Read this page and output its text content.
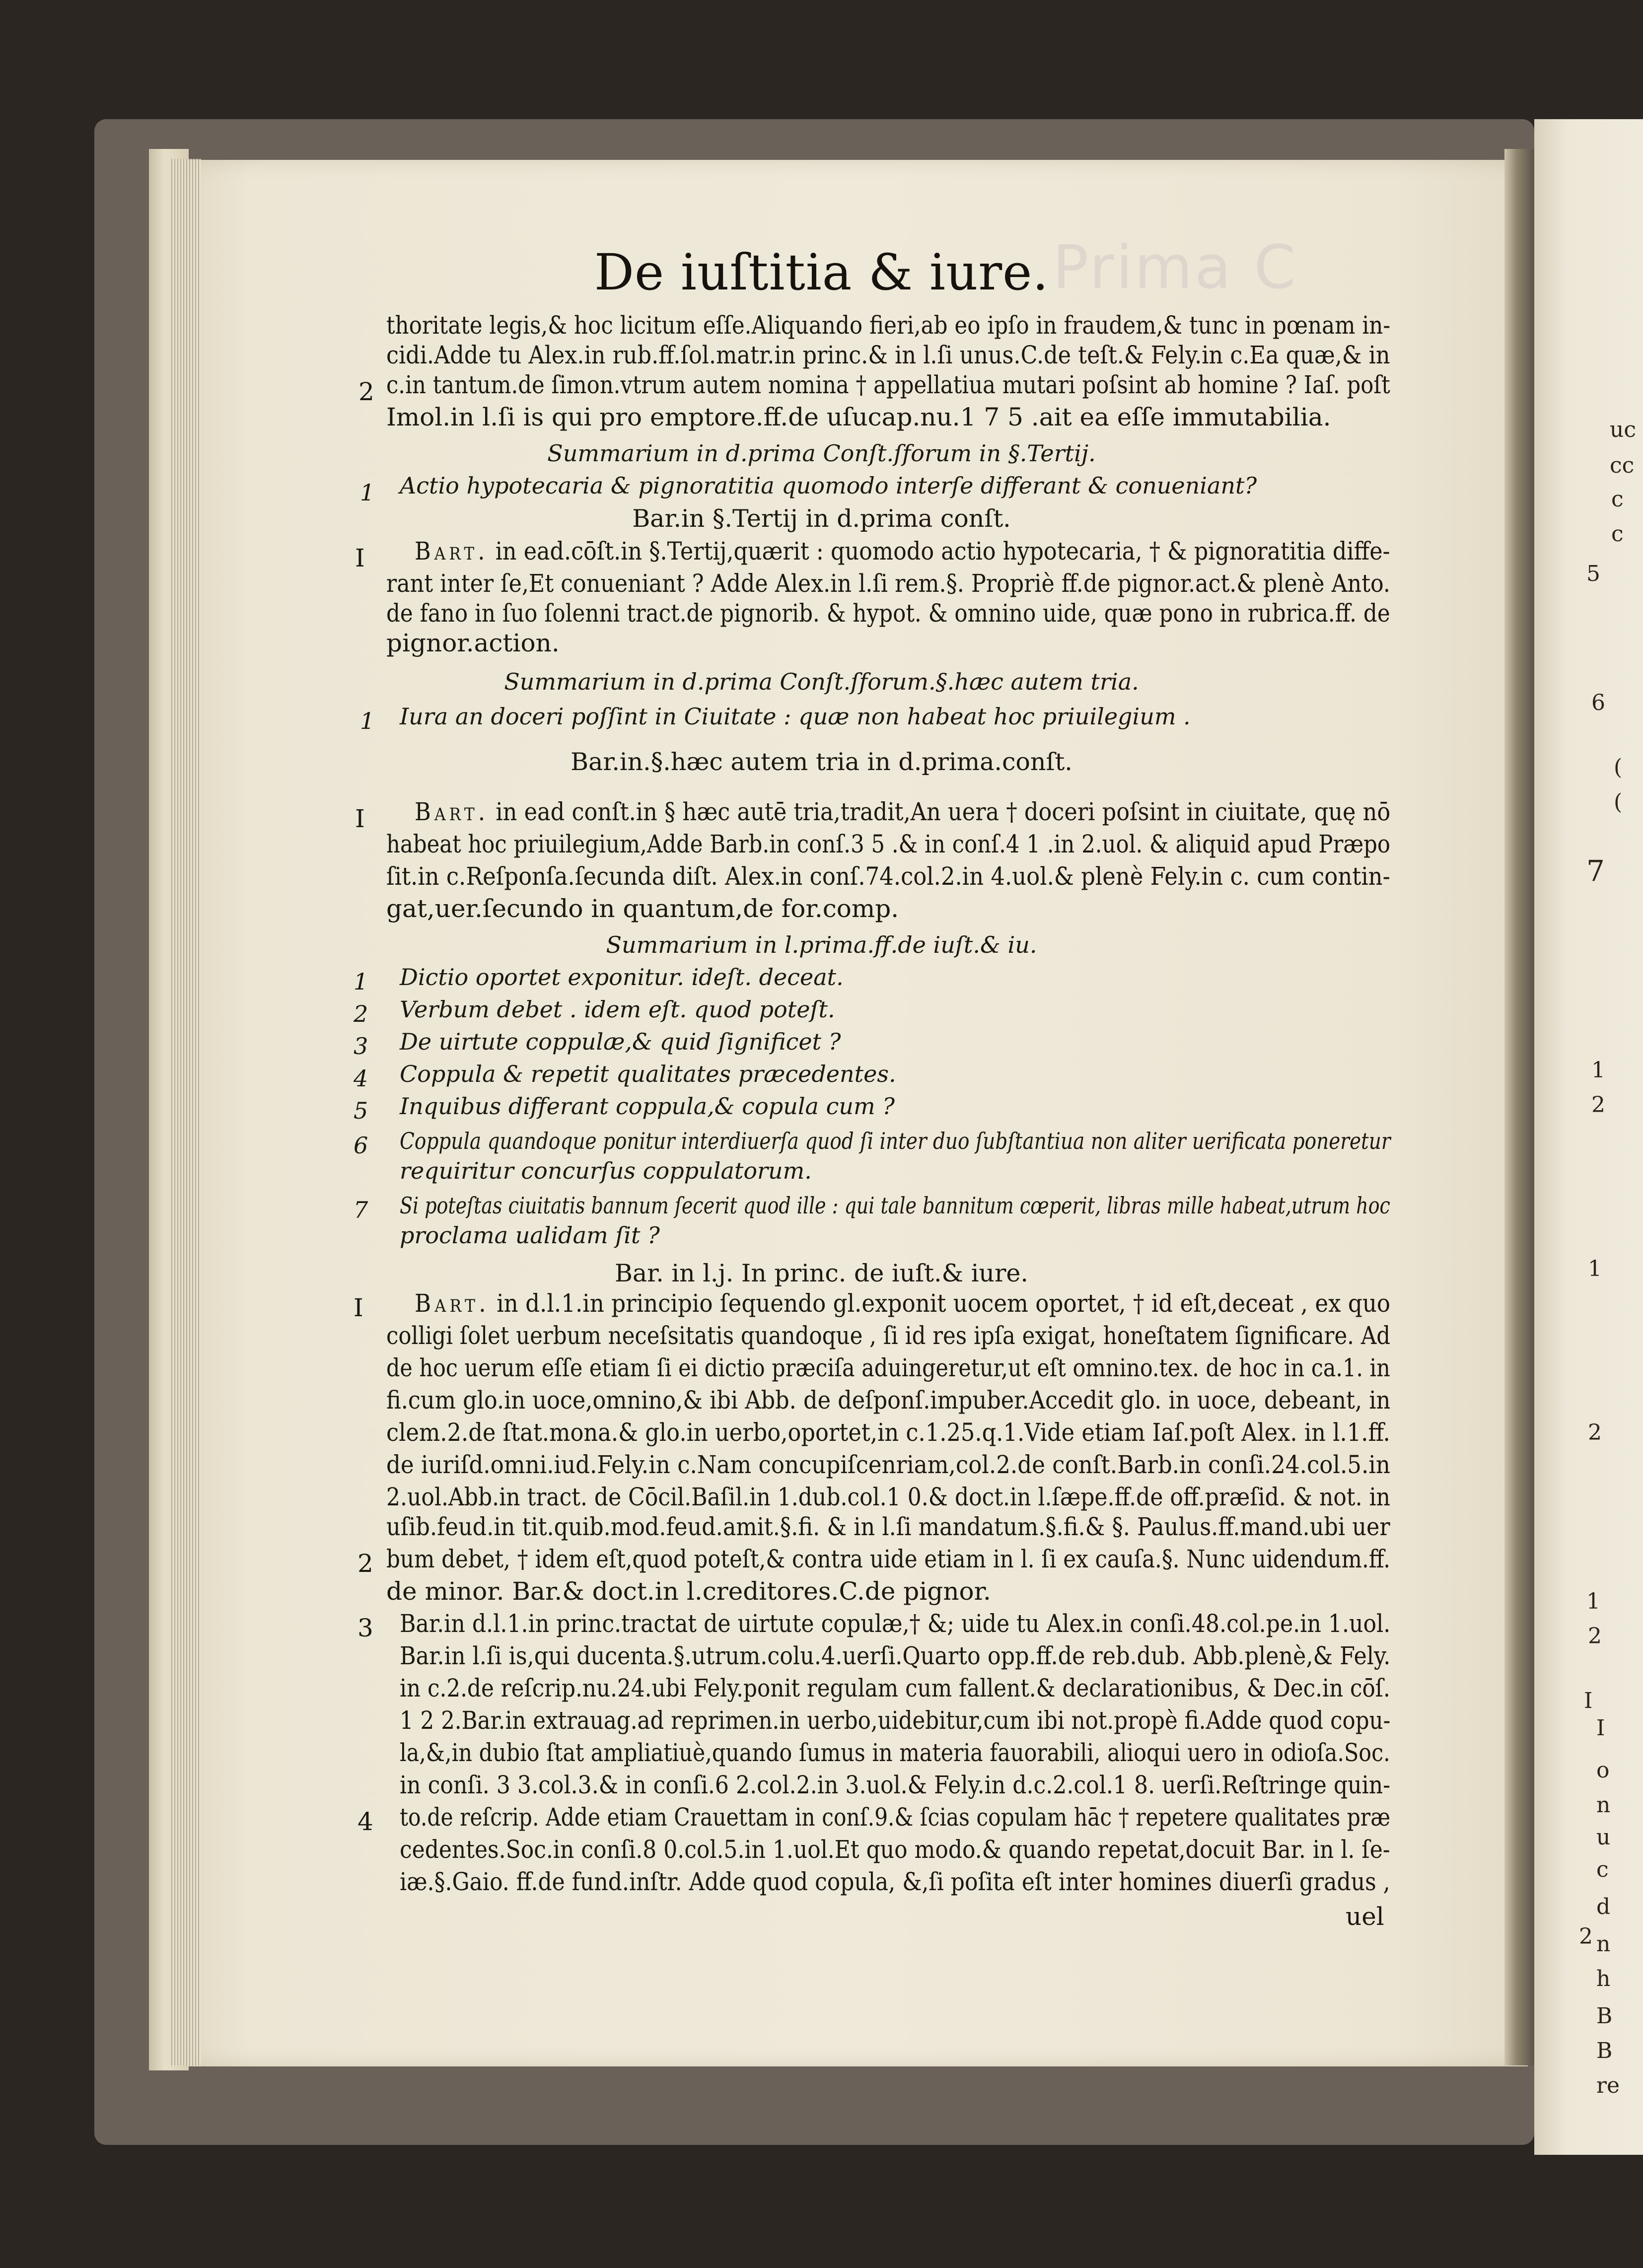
Prima C
uc
cc
c
c
5
6
(
(
7
1
2
1
1
2
I
2
I
o
n
u
c
d
2 n
h
B
B
re
De iuſtitia & iure.
thoritate legis,& hoc licitum eſſe.Aliquando fieri,ab eo ipſo in fraudem,& tunc in pœnam in-
cidi.Adde tu Alex.in rub.ff.ſol.matr.in princ.& in l.ſi unus.C.de teſt.& Fely.in c.Ea quæ,& in
c.in tantum.de ſimon.vtrum autem nomina † appellatiua mutari poſsint ab homine ? Iaſ. poſt
Imol.in l.ſi is qui pro emptore.ff.de uſucap.nu.1 7 5 .ait ea eſſe immutabilia.
Summarium in d.prima Conſt.ſforum in §.Tertij.
Actio hypotecaria & pignoratitia quomodo interſe differant & conueniant?
Bar.in §.Tertij in d.prima conſt.
Bart. in ead.cōſt.in §.Tertij,quærit : quomodo actio hypotecaria, † & pignoratitia diffe-
rant inter ſe,Et conueniant ? Adde Alex.in l.ſi rem.§. Propriè ff.de pignor.act.& plenè Anto.
de fano in ſuo ſolenni tract.de pignorib. & hypot. & omnino uide, quæ pono in rubrica.ff. de
pignor.action.
Summarium in d.prima Conſt.ſforum.§.hæc autem tria.
Iura an doceri poſſint in Ciuitate : quæ non habeat hoc priuilegium .
Bar.in.§.hæc autem tria in d.prima.conſt.
Bart. in ead conſt.in § hæc autē tria,tradit,An uera † doceri poſsint in ciuitate, quę nō
habeat hoc priuilegium,Adde Barb.in conſ.3 5 .& in conſ.4 1 .in 2.uol. & aliquid apud Præpo
ſit.in c.Reſponſa.ſecunda diſt. Alex.in conſ.74.col.2.in 4.uol.& plenè Fely.in c. cum contin-
gat,uer.ſecundo in quantum,de for.comp.
Summarium in l.prima.ff.de iuſt.& iu.
Dictio oportet exponitur. ideſt. deceat.
Verbum debet . idem eſt. quod poteſt.
De uirtute coppulæ,& quid ſignificet ?
Coppula & repetit qualitates præcedentes.
Inquibus differant coppula,& copula cum ?
Coppula quandoque ponitur interdiuerſa quod ſi inter duo ſubſtantiua non aliter uerificata poneretur
requiritur concurſus coppulatorum.
Si poteſtas ciuitatis bannum ſecerit quod ille : qui tale bannitum cœperit, libras mille habeat,utrum hoc
proclama ualidam ſit ?
Bar. in l.j. In princ. de iuſt.& iure.
Bart. in d.l.1.in principio ſequendo gl.exponit uocem oportet, † id eſt,deceat , ex quo
colligi ſolet uerbum neceſsitatis quandoque , ſi id res ipſa exigat, honeſtatem ſignificare. Ad
de hoc uerum eſſe etiam ſi ei dictio præciſa aduingeretur,ut eſt omnino.tex. de hoc in ca.1. in
fi.cum glo.in uoce,omnino,& ibi Abb. de deſponſ.impuber.Accedit glo. in uoce, debeant, in
clem.2.de ſtat.mona.& glo.in uerbo,oportet,in c.1.25.q.1.Vide etiam Iaſ.poſt Alex. in l.1.ff.
de iuriſd.omni.iud.Fely.in c.Nam concupiſcenriam,col.2.de conſt.Barb.in conſi.24.col.5.in
2.uol.Abb.in tract. de Cōcil.Baſil.in 1.dub.col.1 0.& doct.in l.ſæpe.ff.de off.præſid. & not. in
uſib.feud.in tit.quib.mod.feud.amit.§.fi. & in l.ſi mandatum.§.fi.& §. Paulus.ff.mand.ubi uer
bum debet, † idem eſt,quod poteſt,& contra uide etiam in l. ſi ex cauſa.§. Nunc uidendum.ff.
de minor. Bar.& doct.in l.creditores.C.de pignor.
Bar.in d.l.1.in princ.tractat de uirtute copulæ,† &; uide tu Alex.in conſi.48.col.pe.in 1.uol.
Bar.in l.ſi is,qui ducenta.§.utrum.colu.4.uerſi.Quarto opp.ff.de reb.dub. Abb.plenè,& Fely.
in c.2.de reſcrip.nu.24.ubi Fely.ponit regulam cum fallent.& declarationibus, & Dec.in cōſ.
1 2 2.Bar.in extrauag.ad reprimen.in uerbo,uidebitur,cum ibi not.propè fi.Adde quod copu-
la,&,in dubio ſtat ampliatiuè,quando ſumus in materia fauorabili, alioqui uero in odioſa.Soc.
in conſi. 3 3.col.3.& in conſi.6 2.col.2.in 3.uol.& Fely.in d.c.2.col.1 8. uerſi.Reſtringe quin-
to.de reſcrip. Adde etiam Crauettam in conſ.9.& ſcias copulam hāc † repetere qualitates præ
cedentes.Soc.in conſi.8 0.col.5.in 1.uol.Et quo modo.& quando repetat,docuit Bar. in l. ſe-
iæ.§.Gaio. ff.de fund.inſtr. Adde quod copula, &,ſi poſita eſt inter homines diuerſi gradus ,
uel
2
1
I
1
I
1
2
3
4
5
6
7
I
2
3
4
